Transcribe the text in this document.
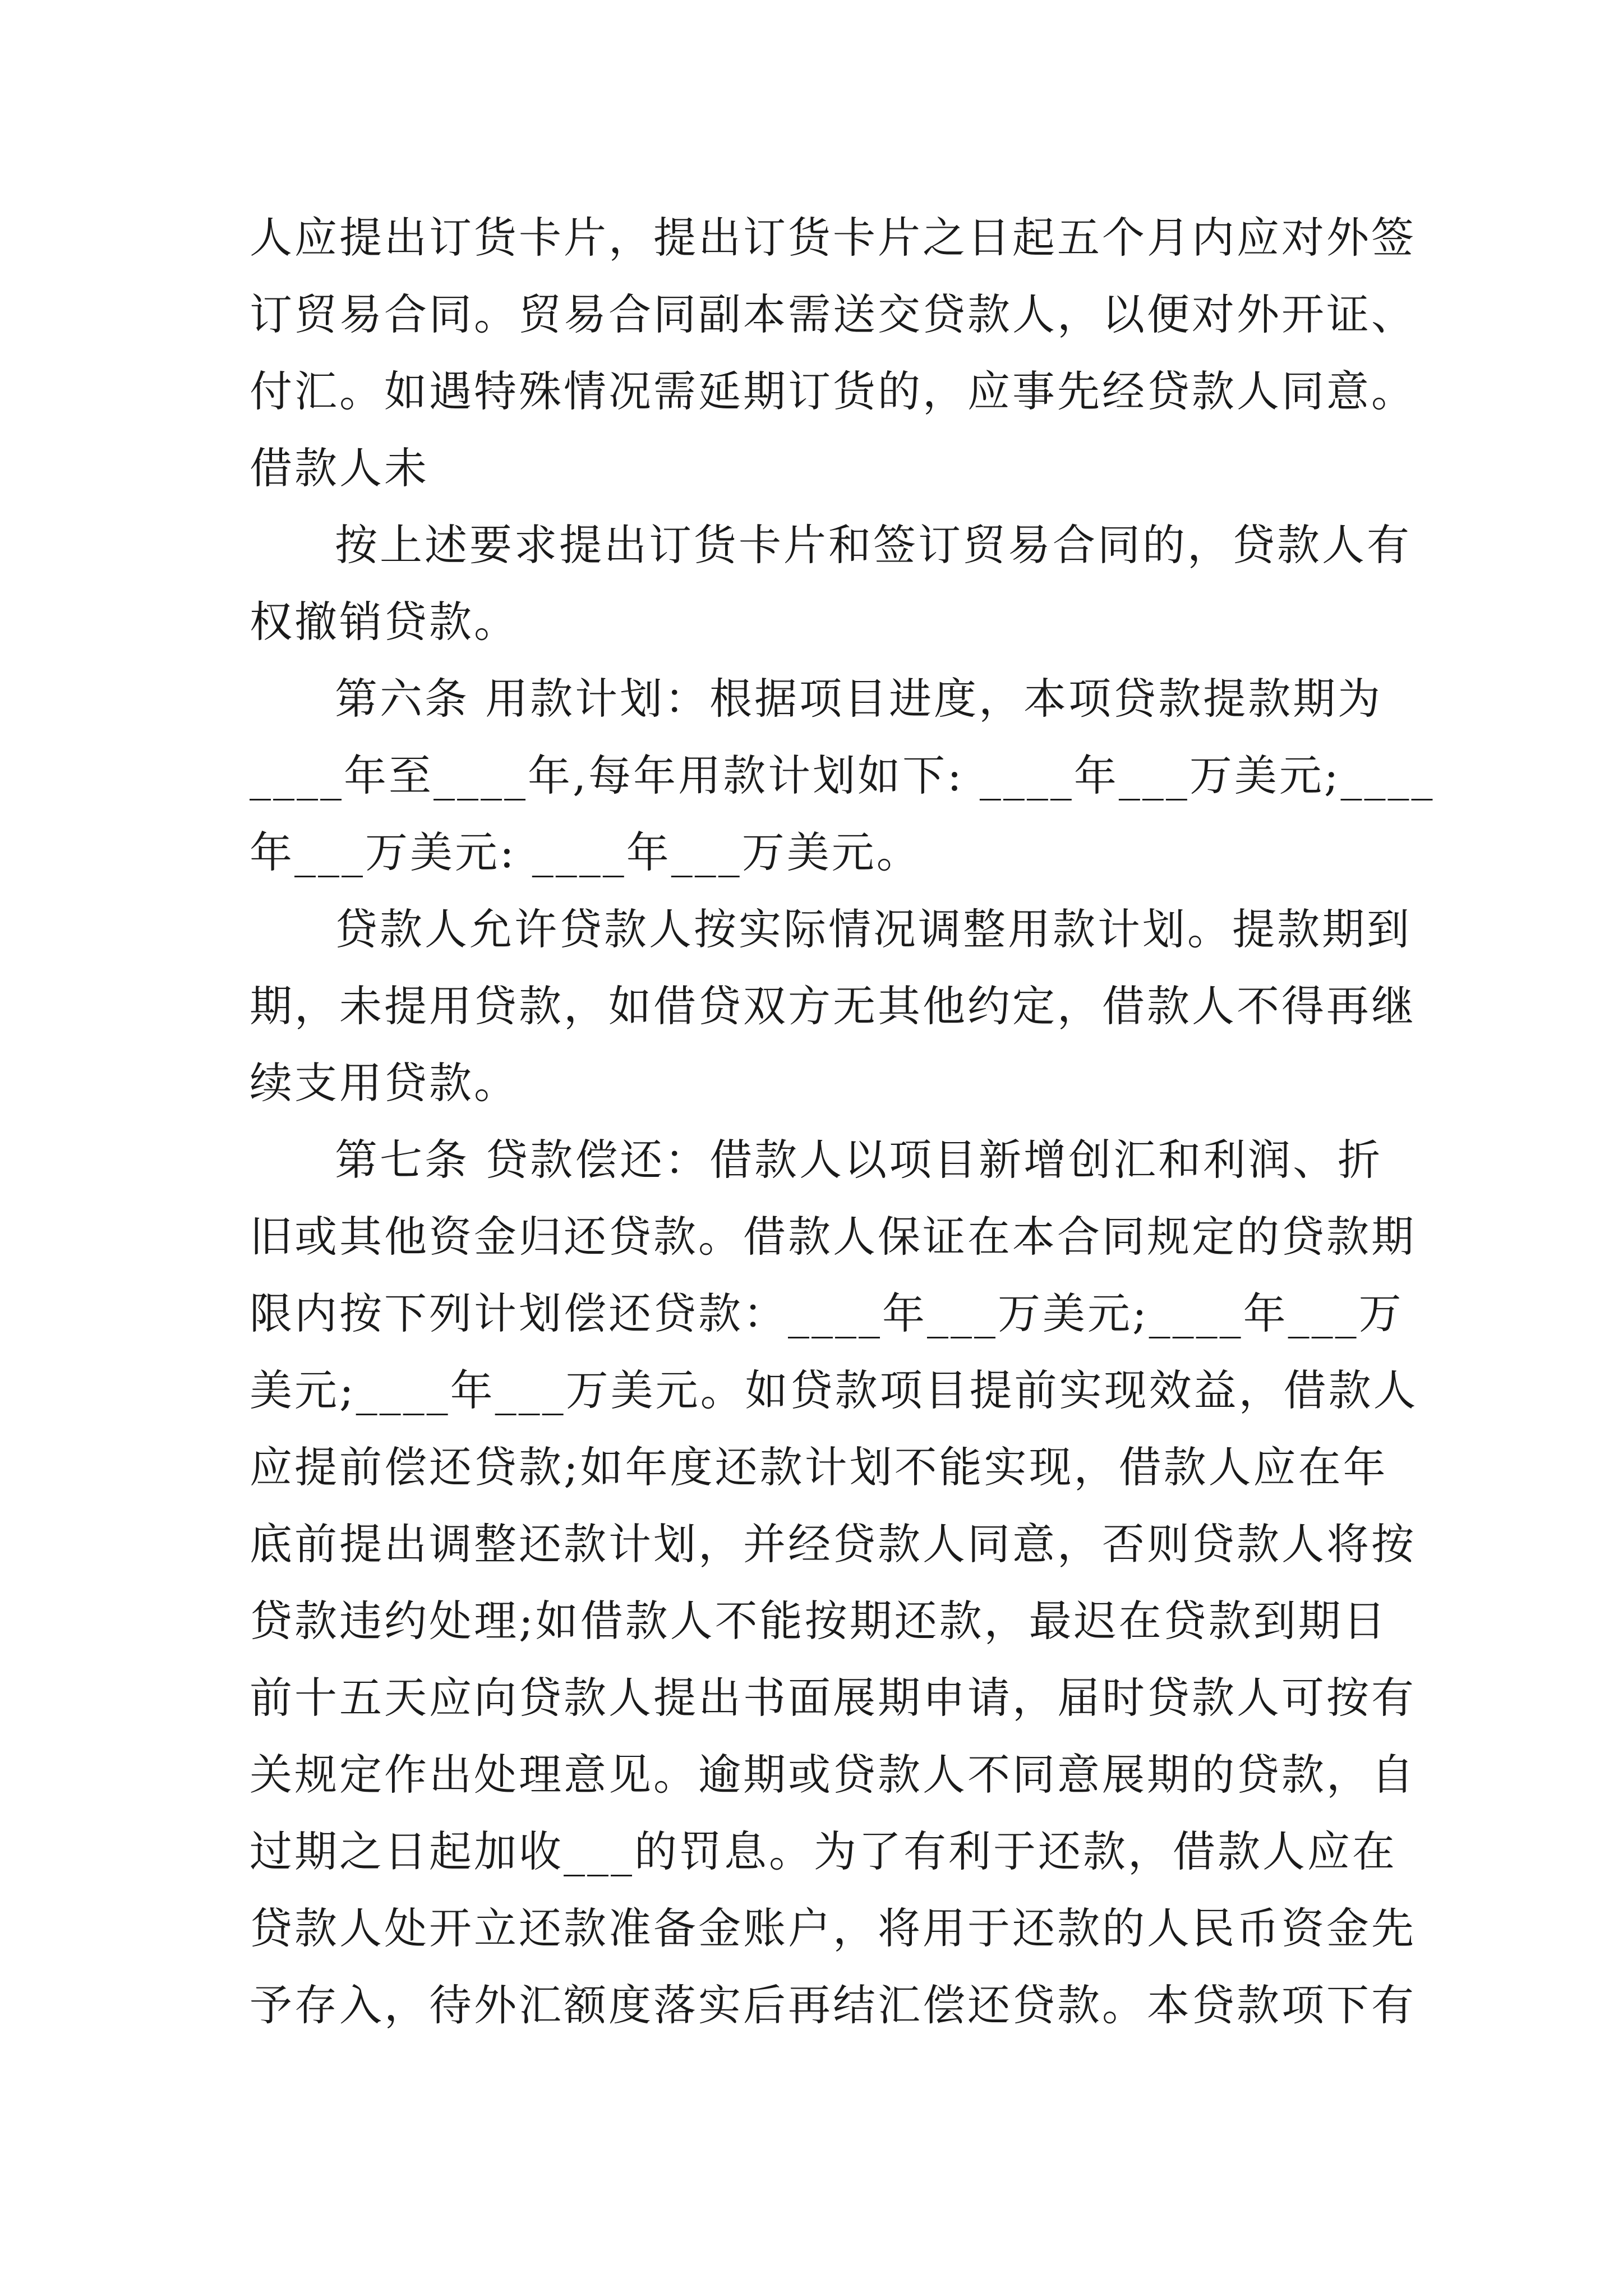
人应提出订货卡片，提出订货卡片之日起五个月内应对外签
订贸易合同。贸易合同副本需送交贷款人，以便对外开证、
付汇。如遇特殊情况需延期订货的，应事先经贷款人同意。
借款人未
按上述要求提出订货卡片和签订贸易合同的，贷款人有
权撤销贷款。
第六条 用款计划：根据项目进度，本项贷款提款期为
____年至____年,每年用款计划如下: ____年___万美元;____
年___万美元: ____年___万美元。
贷款人允许贷款人按实际情况调整用款计划。提款期到
期，未提用贷款，如借贷双方无其他约定，借款人不得再继
续支用贷款。
第七条 贷款偿还：借款人以项目新增创汇和利润、折
旧或其他资金归还贷款。借款人保证在本合同规定的贷款期
限内按下列计划偿还贷款：____年___万美元;____年___万
美元;____年___万美元。如贷款项目提前实现效益，借款人
应提前偿还贷款;如年度还款计划不能实现，借款人应在年
底前提出调整还款计划，并经贷款人同意，否则贷款人将按
贷款违约处理;如借款人不能按期还款，最迟在贷款到期日
前十五天应向贷款人提出书面展期申请，届时贷款人可按有
关规定作出处理意见。逾期或贷款人不同意展期的贷款，自
过期之日起加收___的罚息。为了有利于还款，借款人应在
贷款人处开立还款准备金账户，将用于还款的人民币资金先
予存入，待外汇额度落实后再结汇偿还贷款。本贷款项下有
